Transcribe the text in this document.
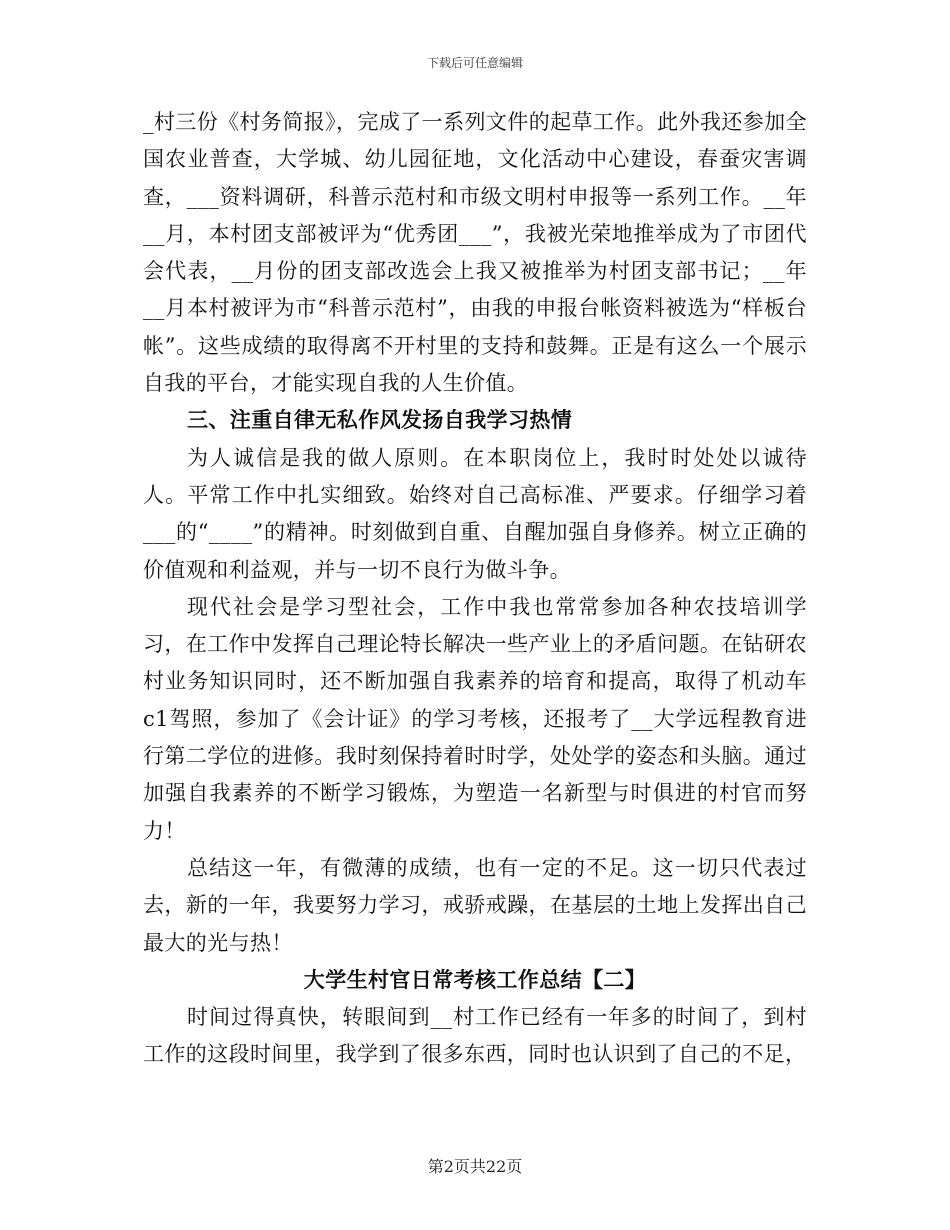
下载后可任意编辑

_村三份《村务简报》，完成了一系列文件的起草工作。此外我还参加全国农业普查，大学城、幼儿园征地，文化活动中心建设，春蚕灾害调查，___资料调研，科普示范村和市级文明村申报等一系列工作。__年__月，本村团支部被评为“优秀团___”，我被光荣地推举成为了市团代会代表，__月份的团支部改选会上我又被推举为村团支部书记；__年__月本村被评为市“科普示范村”，由我的申报台帐资料被选为“样板台帐”。这些成绩的取得离不开村里的支持和鼓舞。正是有这么一个展示自我的平台，才能实现自我的人生价值。

三、注重自律无私作风发扬自我学习热情

为人诚信是我的做人原则。在本职岗位上，我时时处处以诚待人。平常工作中扎实细致。始终对自己高标准、严要求。仔细学习着___的“____”的精神。时刻做到自重、自醒加强自身修养。树立正确的价值观和利益观，并与一切不良行为做斗争。

现代社会是学习型社会，工作中我也常常参加各种农技培训学习，在工作中发挥自己理论特长解决一些产业上的矛盾问题。在钻研农村业务知识同时，还不断加强自我素养的培育和提高，取得了机动车c1驾照，参加了《会计证》的学习考核，还报考了__大学远程教育进行第二学位的进修。我时刻保持着时时学，处处学的姿态和头脑。通过加强自我素养的不断学习锻炼，为塑造一名新型与时俱进的村官而努力！

总结这一年，有微薄的成绩，也有一定的不足。这一切只代表过去，新的一年，我要努力学习，戒骄戒躁，在基层的土地上发挥出自己最大的光与热！

大学生村官日常考核工作总结【二】

时间过得真快，转眼间到__村工作已经有一年多的时间了，到村工作的这段时间里，我学到了很多东西，同时也认识到了自己的不足，

第2页共22页
